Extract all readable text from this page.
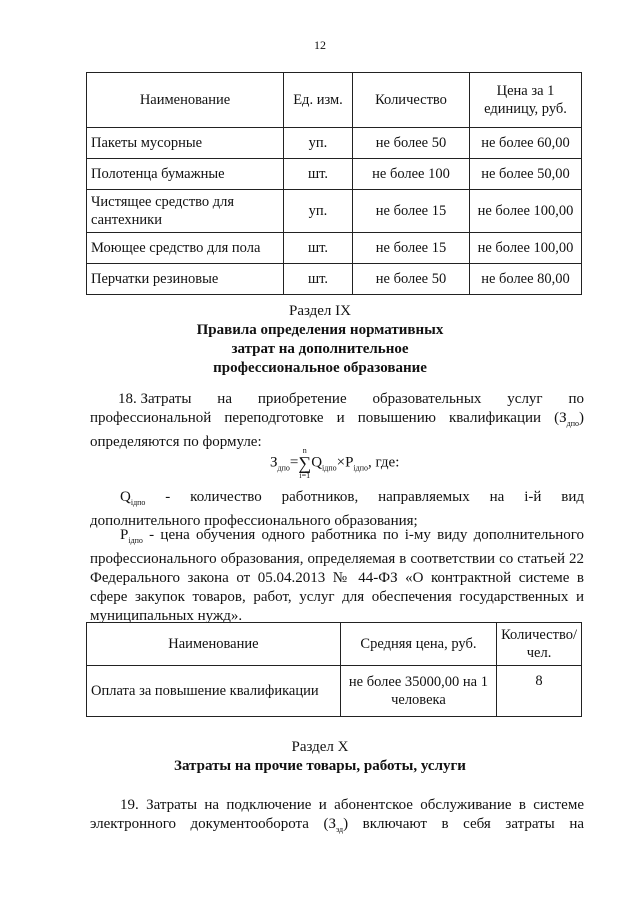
12
Наименование	Ед. изм.	Количество	Цена за 1 единицу, руб.
Пакеты мусорные	уп.	не более 50	не более 60,00
Полотенца бумажные	шт.	не более 100	не более 50,00
Чистящее средство для сантехники	уп.	не более 15	не более 100,00
Моющее средство для пола	шт.	не более 15	не более 100,00
Перчатки резиновые	шт.	не более 50	не более 80,00
Раздел IX
Правила определения нормативных
затрат на дополнительное
профессиональное образование
18. Затраты на приобретение образовательных услуг по
профессиональной переподготовке и повышению квалификации $(З_{дпо})$
определяются по формуле:
$З_{дпо}=$
n
∑
i=1
$Q_{iдпо}\times P_{iдпо}$, где:
$Q_{iдпо}$ - количество работников, направляемых на i-й вид дополнительного профессионального образования;
$P_{iдпо}$ - цена обучения одного работника по i-му виду дополнительного профессионального образования, определяемая в соответствии со статьей 22 Федерального закона от 05.04.2013 № 44-ФЗ «О контрактной системе в сфере закупок товаров, работ, услуг для обеспечения государственных и муниципальных нужд».
Наименование	Средняя цена, руб.	Количество/ чел.
Оплата за повышение квалификации	не более 35000,00 на 1 человека	8
Раздел X
Затраты на прочие товары, работы, услуги
19. Затраты на подключение и абонентское обслуживание в системе
электронного документооборота $(З_{эд})$ включают в себя затраты на
